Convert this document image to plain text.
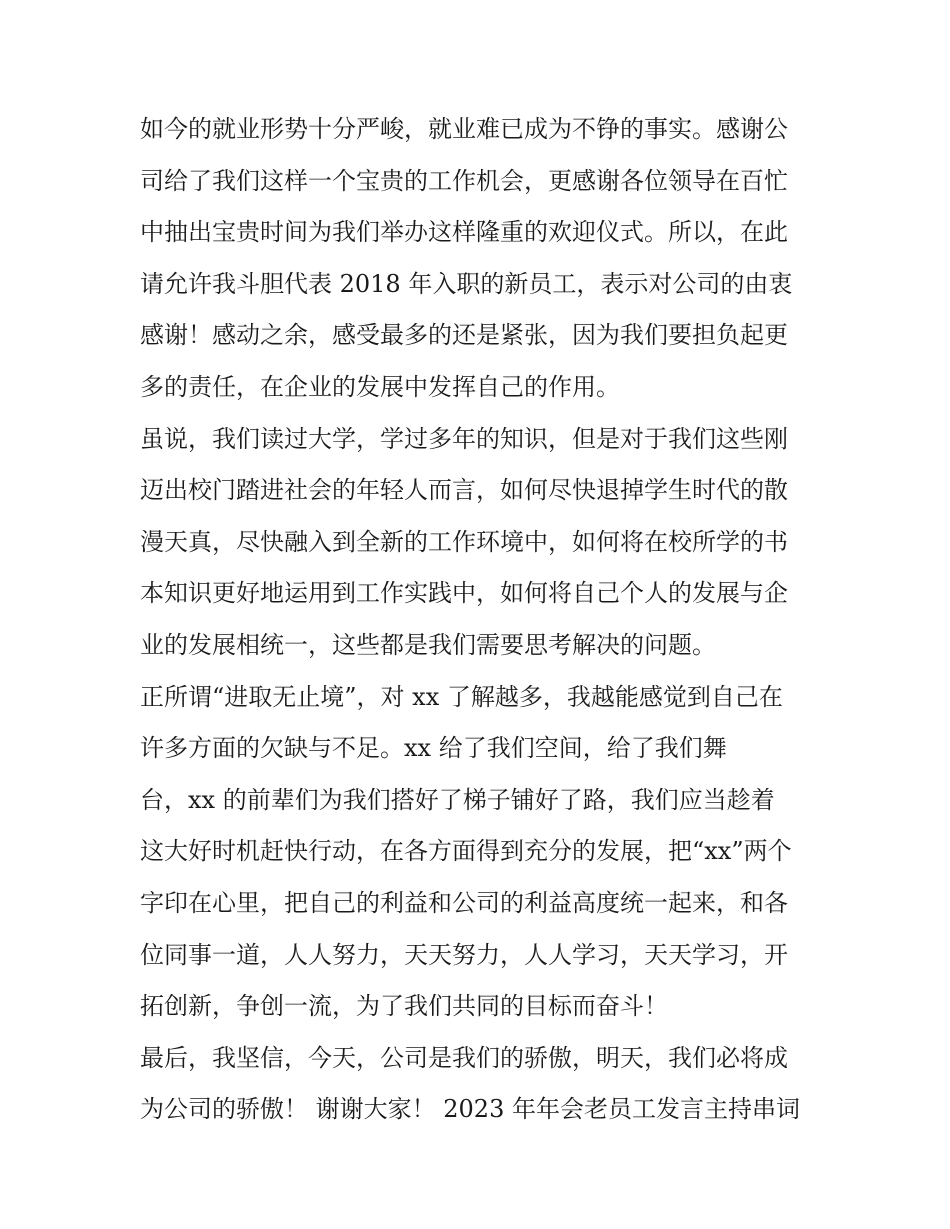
如今的就业形势十分严峻，就业难已成为不铮的事实。感谢公
司给了我们这样一个宝贵的工作机会，更感谢各位领导在百忙
中抽出宝贵时间为我们举办这样隆重的欢迎仪式。所以，在此
请允许我斗胆代表 2018 年入职的新员工，表示对公司的由衷
感谢！感动之余，感受最多的还是紧张，因为我们要担负起更
多的责任，在企业的发展中发挥自己的作用。
虽说，我们读过大学，学过多年的知识，但是对于我们这些刚
迈出校门踏进社会的年轻人而言，如何尽快退掉学生时代的散
漫天真，尽快融入到全新的工作环境中，如何将在校所学的书
本知识更好地运用到工作实践中，如何将自己个人的发展与企
业的发展相统一，这些都是我们需要思考解决的问题。
正所谓“进取无止境”，对 xx 了解越多，我越能感觉到自己在
许多方面的欠缺与不足。xx 给了我们空间，给了我们舞
台，xx 的前辈们为我们搭好了梯子铺好了路，我们应当趁着
这大好时机赶快行动，在各方面得到充分的发展，把“xx”两个
字印在心里，把自己的利益和公司的利益高度统一起来，和各
位同事一道，人人努力，天天努力，人人学习，天天学习，开
拓创新，争创一流，为了我们共同的目标而奋斗！
最后，我坚信，今天，公司是我们的骄傲，明天，我们必将成
为公司的骄傲！ 谢谢大家！ 2023 年年会老员工发言主持串词
